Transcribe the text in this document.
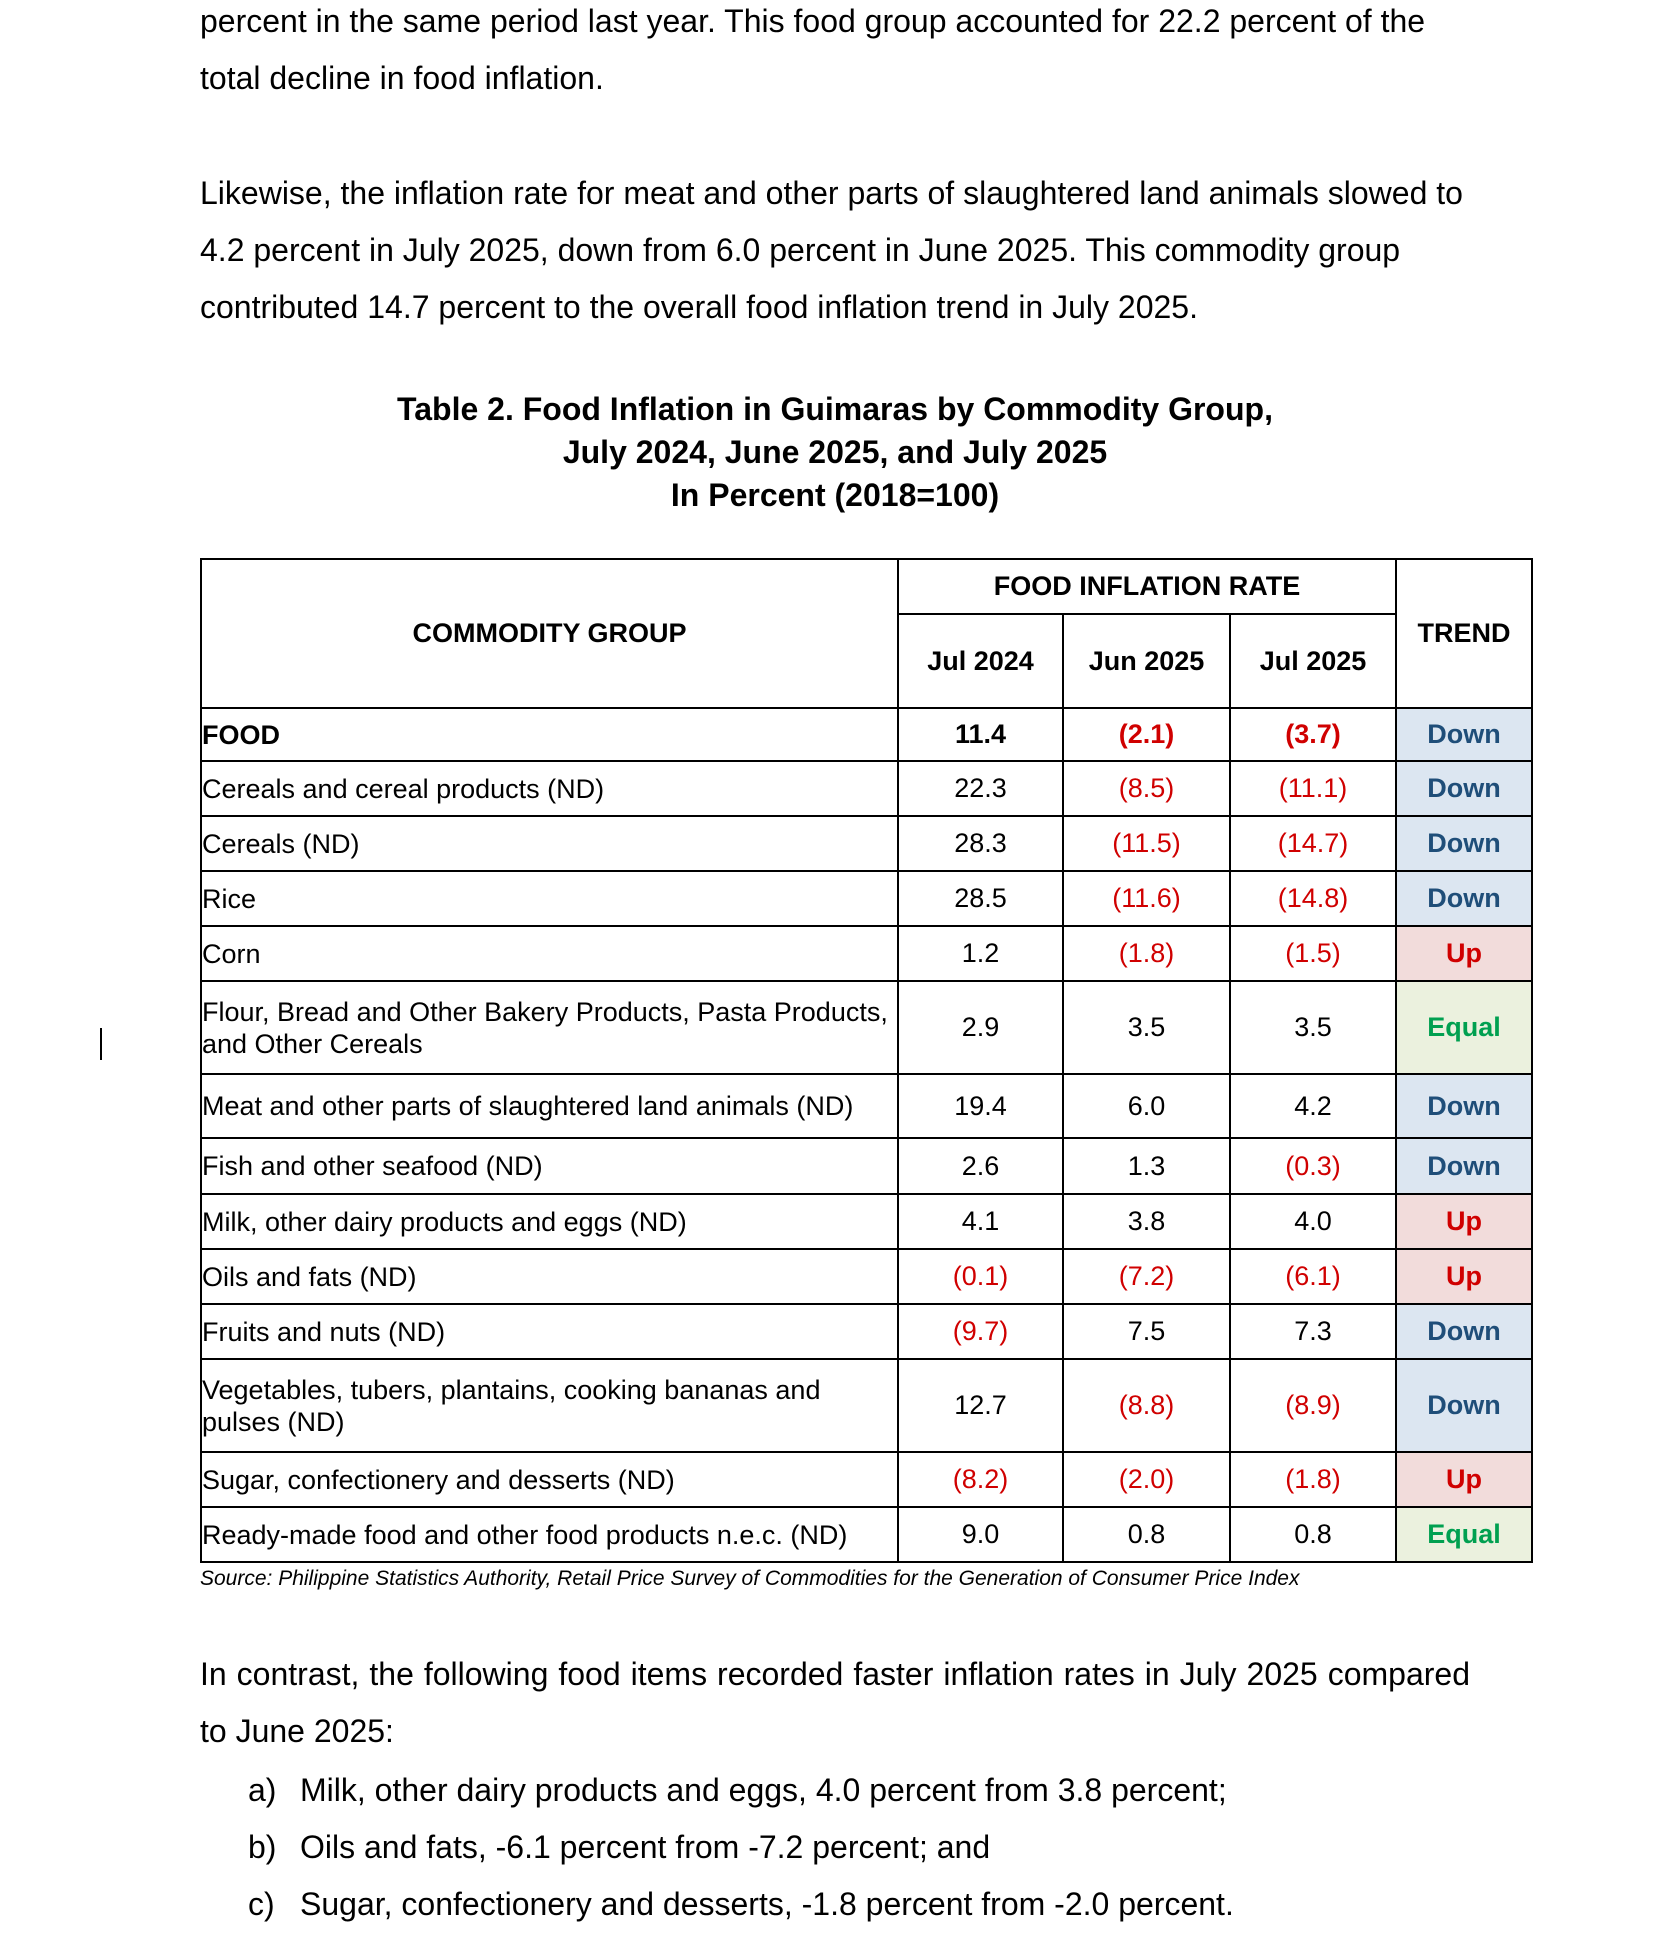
percent in the same period last year. This food group accounted for 22.2 percent of the total decline in food inflation.

Likewise, the inflation rate for meat and other parts of slaughtered land animals slowed to 4.2 percent in July 2025, down from 6.0 percent in June 2025. This commodity group contributed 14.7 percent to the overall food inflation trend in July 2025.

Table 2. Food Inflation in Guimaras by Commodity Group,
July 2024, June 2025, and July 2025
In Percent (2018=100)
COMMODITY GROUP	FOOD INFLATION RATE			TREND
	Jul 2024	Jun 2025	Jul 2025	
FOOD	11.4	(2.1)	(3.7)	Down
Cereals and cereal products (ND)	22.3	(8.5)	(11.1)	Down
Cereals (ND)	28.3	(11.5)	(14.7)	Down
Rice	28.5	(11.6)	(14.8)	Down
Corn	1.2	(1.8)	(1.5)	Up
Flour, Bread and Other Bakery Products, Pasta Products, and Other Cereals	2.9	3.5	3.5	Equal
Meat and other parts of slaughtered land animals (ND)	19.4	6.0	4.2	Down
Fish and other seafood (ND)	2.6	1.3	(0.3)	Down
Milk, other dairy products and eggs (ND)	4.1	3.8	4.0	Up
Oils and fats (ND)	(0.1)	(7.2)	(6.1)	Up
Fruits and nuts (ND)	(9.7)	7.5	7.3	Down
Vegetables, tubers, plantains, cooking bananas and pulses (ND)	12.7	(8.8)	(8.9)	Down
Sugar, confectionery and desserts (ND)	(8.2)	(2.0)	(1.8)	Up
Ready-made food and other food products n.e.c. (ND)	9.0	0.8	0.8	Equal
Source: Philippine Statistics Authority, Retail Price Survey of Commodities for the Generation of Consumer Price Index

In contrast, the following food items recorded faster inflation rates in July 2025 compared to June 2025:

a) Milk, other dairy products and eggs, 4.0 percent from 3.8 percent;
b) Oils and fats, -6.1 percent from -7.2 percent; and
c) Sugar, confectionery and desserts, -1.8 percent from -2.0 percent.
